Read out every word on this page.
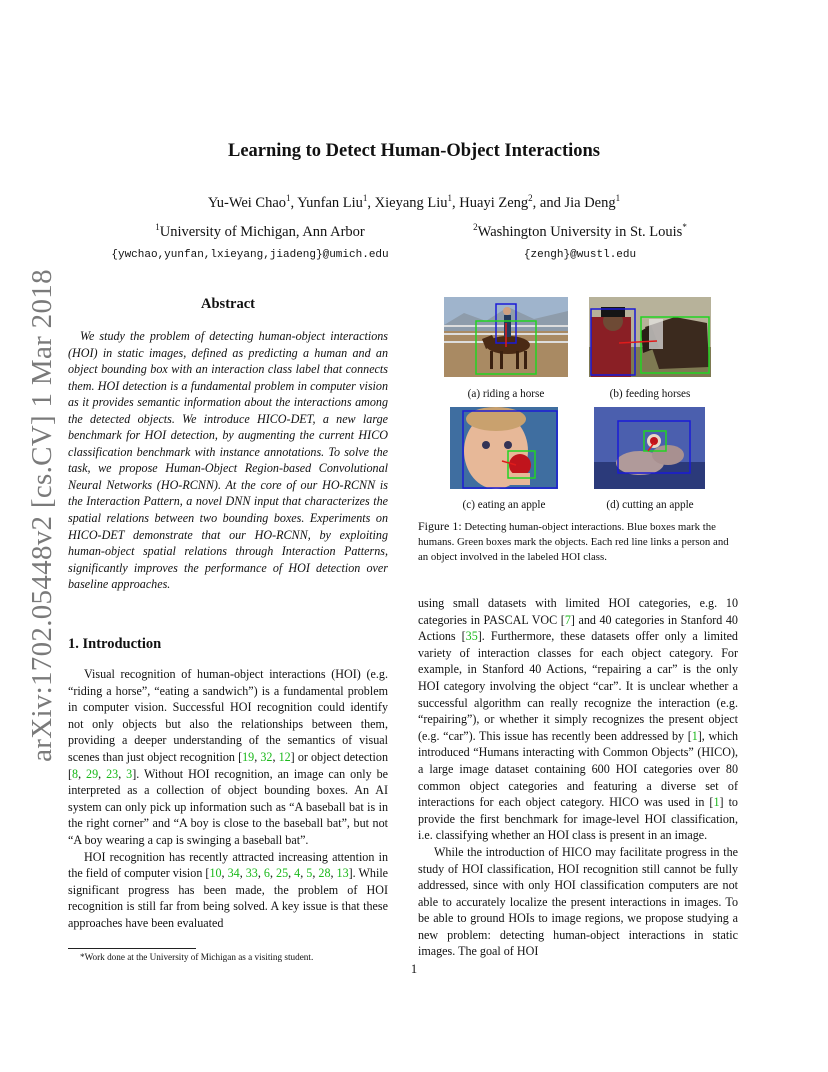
arXiv:1702.05448v2 [cs.CV] 1 Mar 2018
Learning to Detect Human-Object Interactions
Yu-Wei Chao$^1$, Yunfan Liu$^1$, Xieyang Liu$^1$, Huayi Zeng$^2$, and Jia Deng$^1$
$^1$University of Michigan, Ann Arbor	$^2$Washington University in St. Louis*
{ywchao,yunfan,lxieyang,jiadeng}@umich.edu	{zengh}@wustl.edu
Abstract

We study the problem of detecting human-object interactions (HOI) in static images, defined as predicting a human and an object bounding box with an interaction class label that connects them. HOI detection is a fundamental problem in computer vision as it provides semantic information about the interactions among the detected objects. We introduce HICO-DET, a new large benchmark for HOI detection, by augmenting the current HICO classification benchmark with instance annotations. To solve the task, we propose Human-Object Region-based Convolutional Neural Networks (HO-RCNN). At the core of our HO-RCNN is the Interaction Pattern, a novel DNN input that characterizes the spatial relations between two bounding boxes. Experiments on HICO-DET demonstrate that our HO-RCNN, by exploiting human-object spatial relations through Interaction Patterns, significantly improves the performance of HOI detection over baseline approaches.

1. Introduction

Visual recognition of human-object interactions (HOI) (e.g. “riding a horse”, “eating a sandwich”) is a fundamental problem in computer vision. Successful HOI recognition could identify not only objects but also the relationships between them, providing a deeper understanding of the semantics of visual scenes than just object recognition [19, 32, 12] or object detection [8, 29, 23, 3]. Without HOI recognition, an image can only be interpreted as a collection of object bounding boxes. An AI system can only pick up information such as “A baseball bat is in the right corner” and “A boy is close to the baseball bat”, but not “A boy wearing a cap is swinging a baseball bat”.

HOI recognition has recently attracted increasing attention in the field of computer vision [10, 34, 33, 6, 25, 4, 5, 28, 13]. While significant progress has been made, the problem of HOI recognition is still far from being solved. A key issue is that these approaches have been evaluated

*Work done at the University of Michigan as a visiting student.
(a) riding a horse	(b) feeding horses
(c) eating an apple	(d) cutting an apple

Figure 1: Detecting human-object interactions. Blue boxes mark the humans. Green boxes mark the objects. Each red line links a person and an object involved in the labeled HOI class.

using small datasets with limited HOI categories, e.g. 10 categories in PASCAL VOC [7] and 40 categories in Stanford 40 Actions [35]. Furthermore, these datasets offer only a limited variety of interaction classes for each object category. For example, in Stanford 40 Actions, “repairing a car” is the only HOI category involving the object “car”. It is unclear whether a successful algorithm can really recognize the interaction (e.g. “repairing”), or whether it simply recognizes the present object (e.g. “car”). This issue has recently been addressed by [1], which introduced “Humans interacting with Common Objects” (HICO), a large image dataset containing 600 HOI categories over 80 common object categories and featuring a diverse set of interactions for each object category. HICO was used in [1] to provide the first benchmark for image-level HOI classification, i.e. classifying whether an HOI class is present in an image.

While the introduction of HICO may facilitate progress in the study of HOI classification, HOI recognition still cannot be fully addressed, since with only HOI classification computers are not able to accurately localize the present interactions in images. To be able to ground HOIs to image regions, we propose studying a new problem: detecting human-object interactions in static images. The goal of HOI

1
